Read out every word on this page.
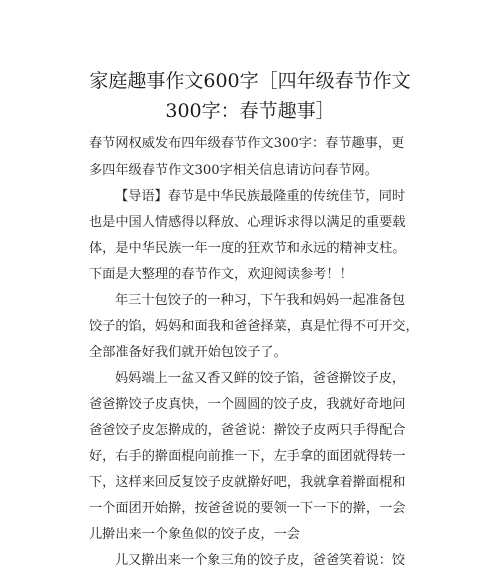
家庭趣事作文600字［四年级春节作文
300字：春节趣事］

春节网权威发布四年级春节作文300字：春节趣事，更

多四年级春节作文300字相关信息请访问春节网。

【导语】春节是中华民族最隆重的传统佳节，同时

也是中国人情感得以释放、心理诉求得以满足的重要载

体，是中华民族一年一度的狂欢节和永远的精神支柱。

下面是大整理的春节作文，欢迎阅读参考！！

年三十包饺子的一种习，下午我和妈妈一起准备包

饺子的馅，妈妈和面我和爸爸择菜，真是忙得不可开交，

全部准备好我们就开始包饺子了。

妈妈端上一盆又香又鲜的饺子馅，爸爸擀饺子皮，

爸爸擀饺子皮真快，一个圆圆的饺子皮，我就好奇地问

爸爸饺子皮怎擀成的，爸爸说：擀饺子皮两只手得配合

好，右手的擀面棍向前推一下，左手拿的面团就得转一

下，这样来回反复饺子皮就擀好吧，我就拿着擀面棍和

一个面团开始擀，按爸爸说的要领一下一下的擀，一会

儿擀出来一个象鱼似的饺子皮，一会

儿又擀出来一个象三角的饺子皮，爸爸笑着说：饺
